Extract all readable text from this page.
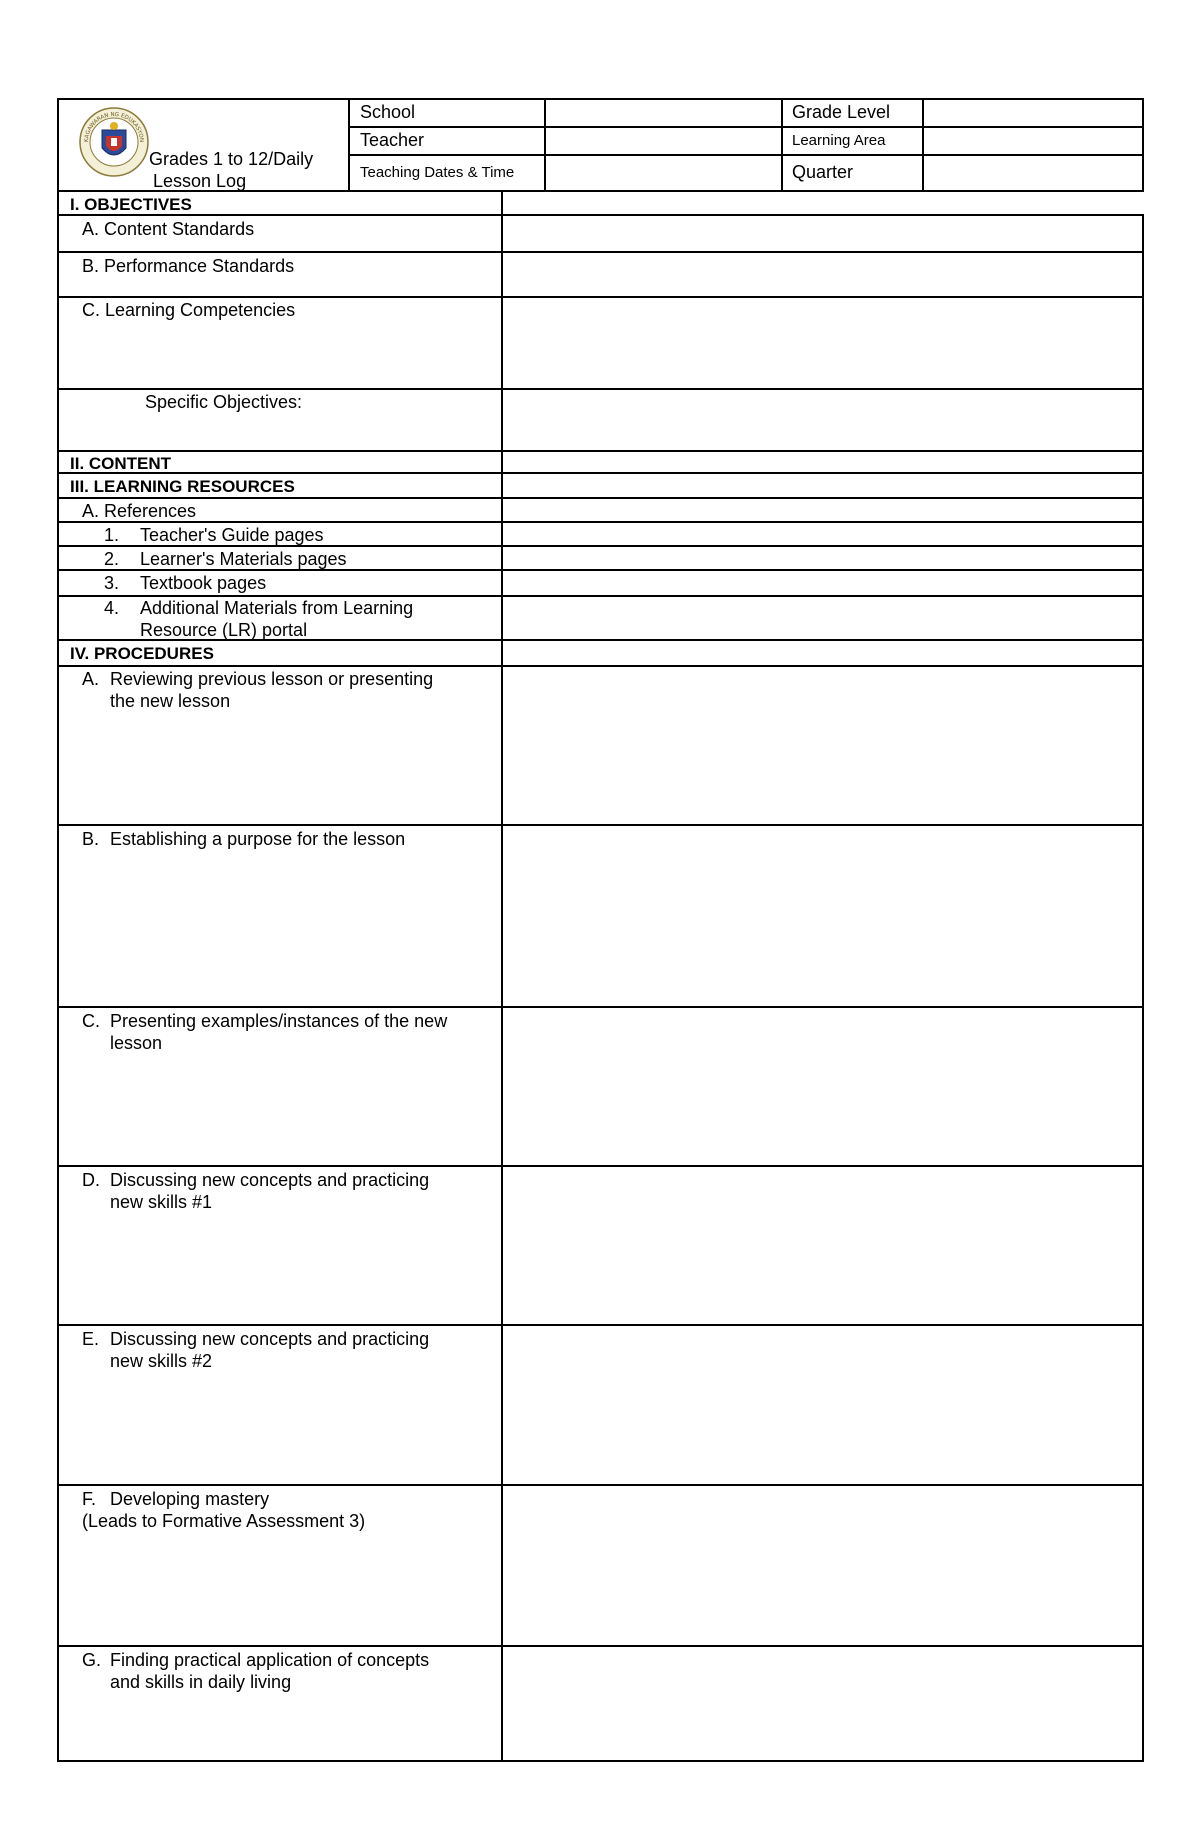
KAGAWARAN NG EDUKASYON
Grades 1 to 12/Daily
Lesson Log
School
Teacher
Teaching Dates & Time
Grade Level
Learning Area
Quarter
I. OBJECTIVES
A. Content Standards
B. Performance Standards
C. Learning Competencies
Specific Objectives:
II. CONTENT
III. LEARNING RESOURCES
A. References
1. Teacher's Guide pages
2. Learner's Materials pages
3. Textbook pages
4. Additional Materials from Learning
Resource (LR) portal
IV. PROCEDURES
A. Reviewing previous lesson or presenting
the new lesson
B. Establishing a purpose for the lesson
C. Presenting examples/instances of the new
lesson
D. Discussing new concepts and practicing
new skills #1
E. Discussing new concepts and practicing
new skills #2
F. Developing mastery
(Leads to Formative Assessment 3)
G. Finding practical application of concepts
and skills in daily living
